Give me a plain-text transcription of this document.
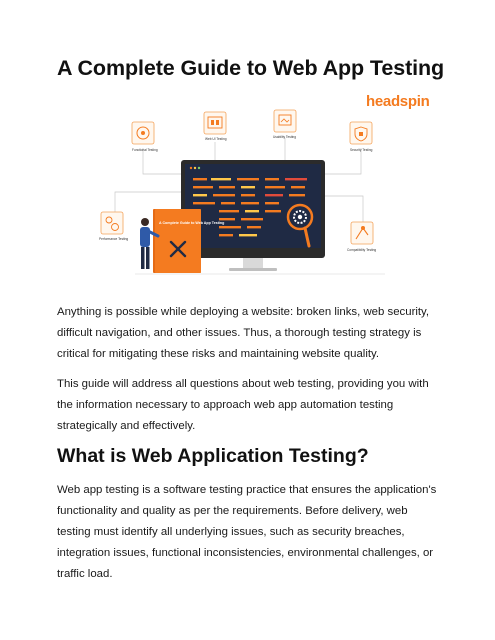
A Complete Guide to Web App Testing
headspin
Functional Testing
Web UI Testing	Usability Testing
Security Testing
Performance Testing
Compatibility Testing
A Complete Guide to Web App Testing

Anything is possible while deploying a website: broken links, web security, difficult navigation, and other issues. Thus, a thorough testing strategy is critical for mitigating these risks and maintaining website quality.

This guide will address all questions about web testing, providing you with the information necessary to approach web app automation testing strategically and effectively.

What is Web Application Testing?

Web app testing is a software testing practice that ensures the application's functionality and quality as per the requirements. Before delivery, web testing must identify all underlying issues, such as security breaches, integration issues, functional inconsistencies, environmental challenges, or traffic load.
